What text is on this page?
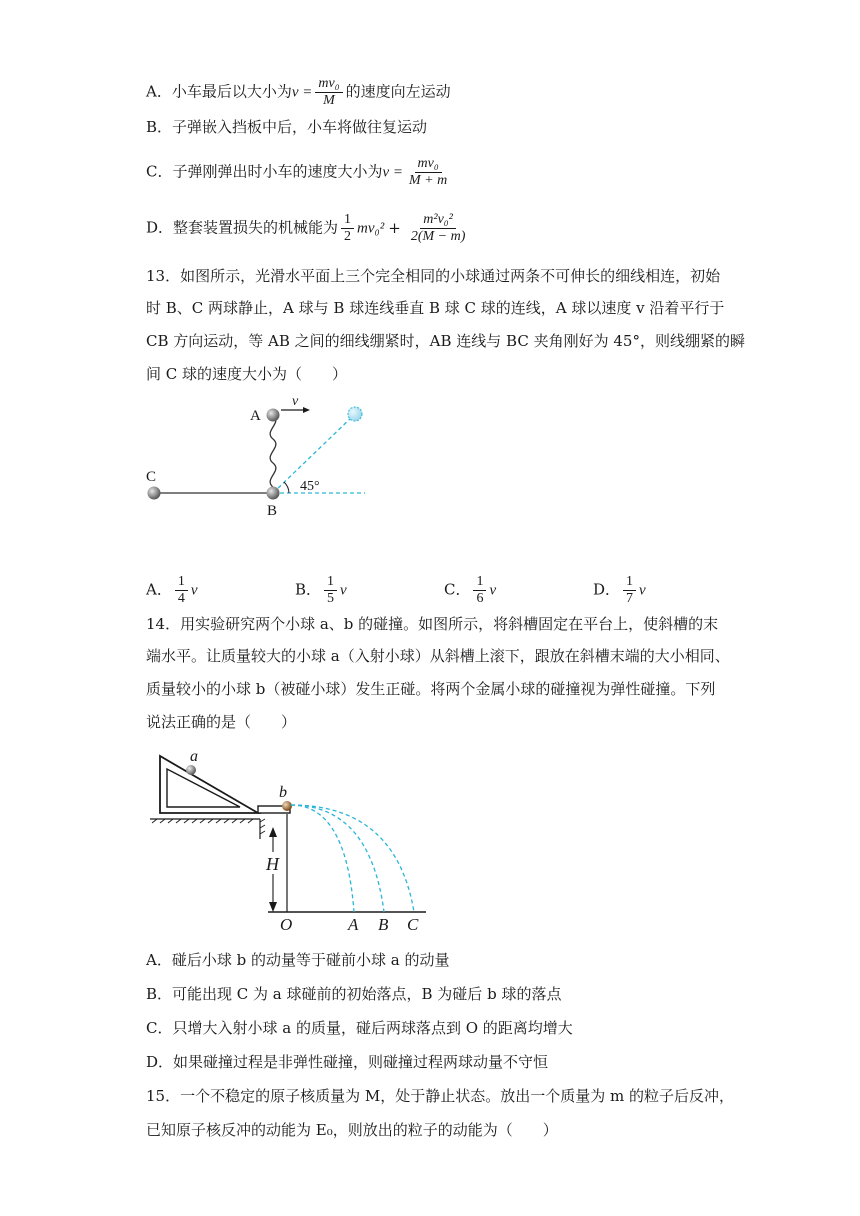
A．小车最后以大小为$v = \frac{\text{mv₀}}{M}$ 的速度向左运动
B．子弹嵌入挡板中后，小车将做往复运动
C．子弹刚弹出时小车的速度大小为$v = \frac{\text{mv₀}}{M + m}$
D．整套装置损失的机械能为 $\frac{1}{2} mv_0^2 + \frac{\text{m²v₀²}}{2(M - m)}$
13．如图所示，光滑水平面上三个完全相同的小球通过两条不可伸长的细线相连，初始
时 B、C 两球静止，A 球与 B 球连线垂直 B 球 C 球的连线，A 球以速度 v 沿着平行于
CB 方向运动，等 AB 之间的细线绷紧时，AB 连线与 BC 夹角刚好为 45°，则线绷紧的瞬
间 C 球的速度大小为（　　）
45°
v
A
B
C
A． $\frac{1}{4}$ v	B． $\frac{1}{5}$ v	C． $\frac{1}{6}$ v	D． $\frac{1}{7}$ v
14．用实验研究两个小球 a、b 的碰撞。如图所示，将斜槽固定在平台上，使斜槽的末
端水平。让质量较大的小球 a（入射小球）从斜槽上滚下，跟放在斜槽末端的大小相同、
质量较小的小球 b（被碰小球）发生正碰。将两个金属小球的碰撞视为弹性碰撞。下列
说法正确的是（　　）
a
b
H
O	A B C
A．碰后小球 b 的动量等于碰前小球 a 的动量
B．可能出现 C 为 a 球碰前的初始落点，B 为碰后 b 球的落点
C．只增大入射小球 a 的质量，碰后两球落点到 O 的距离均增大
D．如果碰撞过程是非弹性碰撞，则碰撞过程两球动量不守恒
15．一个不稳定的原子核质量为 M，处于静止状态。放出一个质量为 m 的粒子后反冲，
已知原子核反冲的动能为 E₀，则放出的粒子的动能为（　　）
